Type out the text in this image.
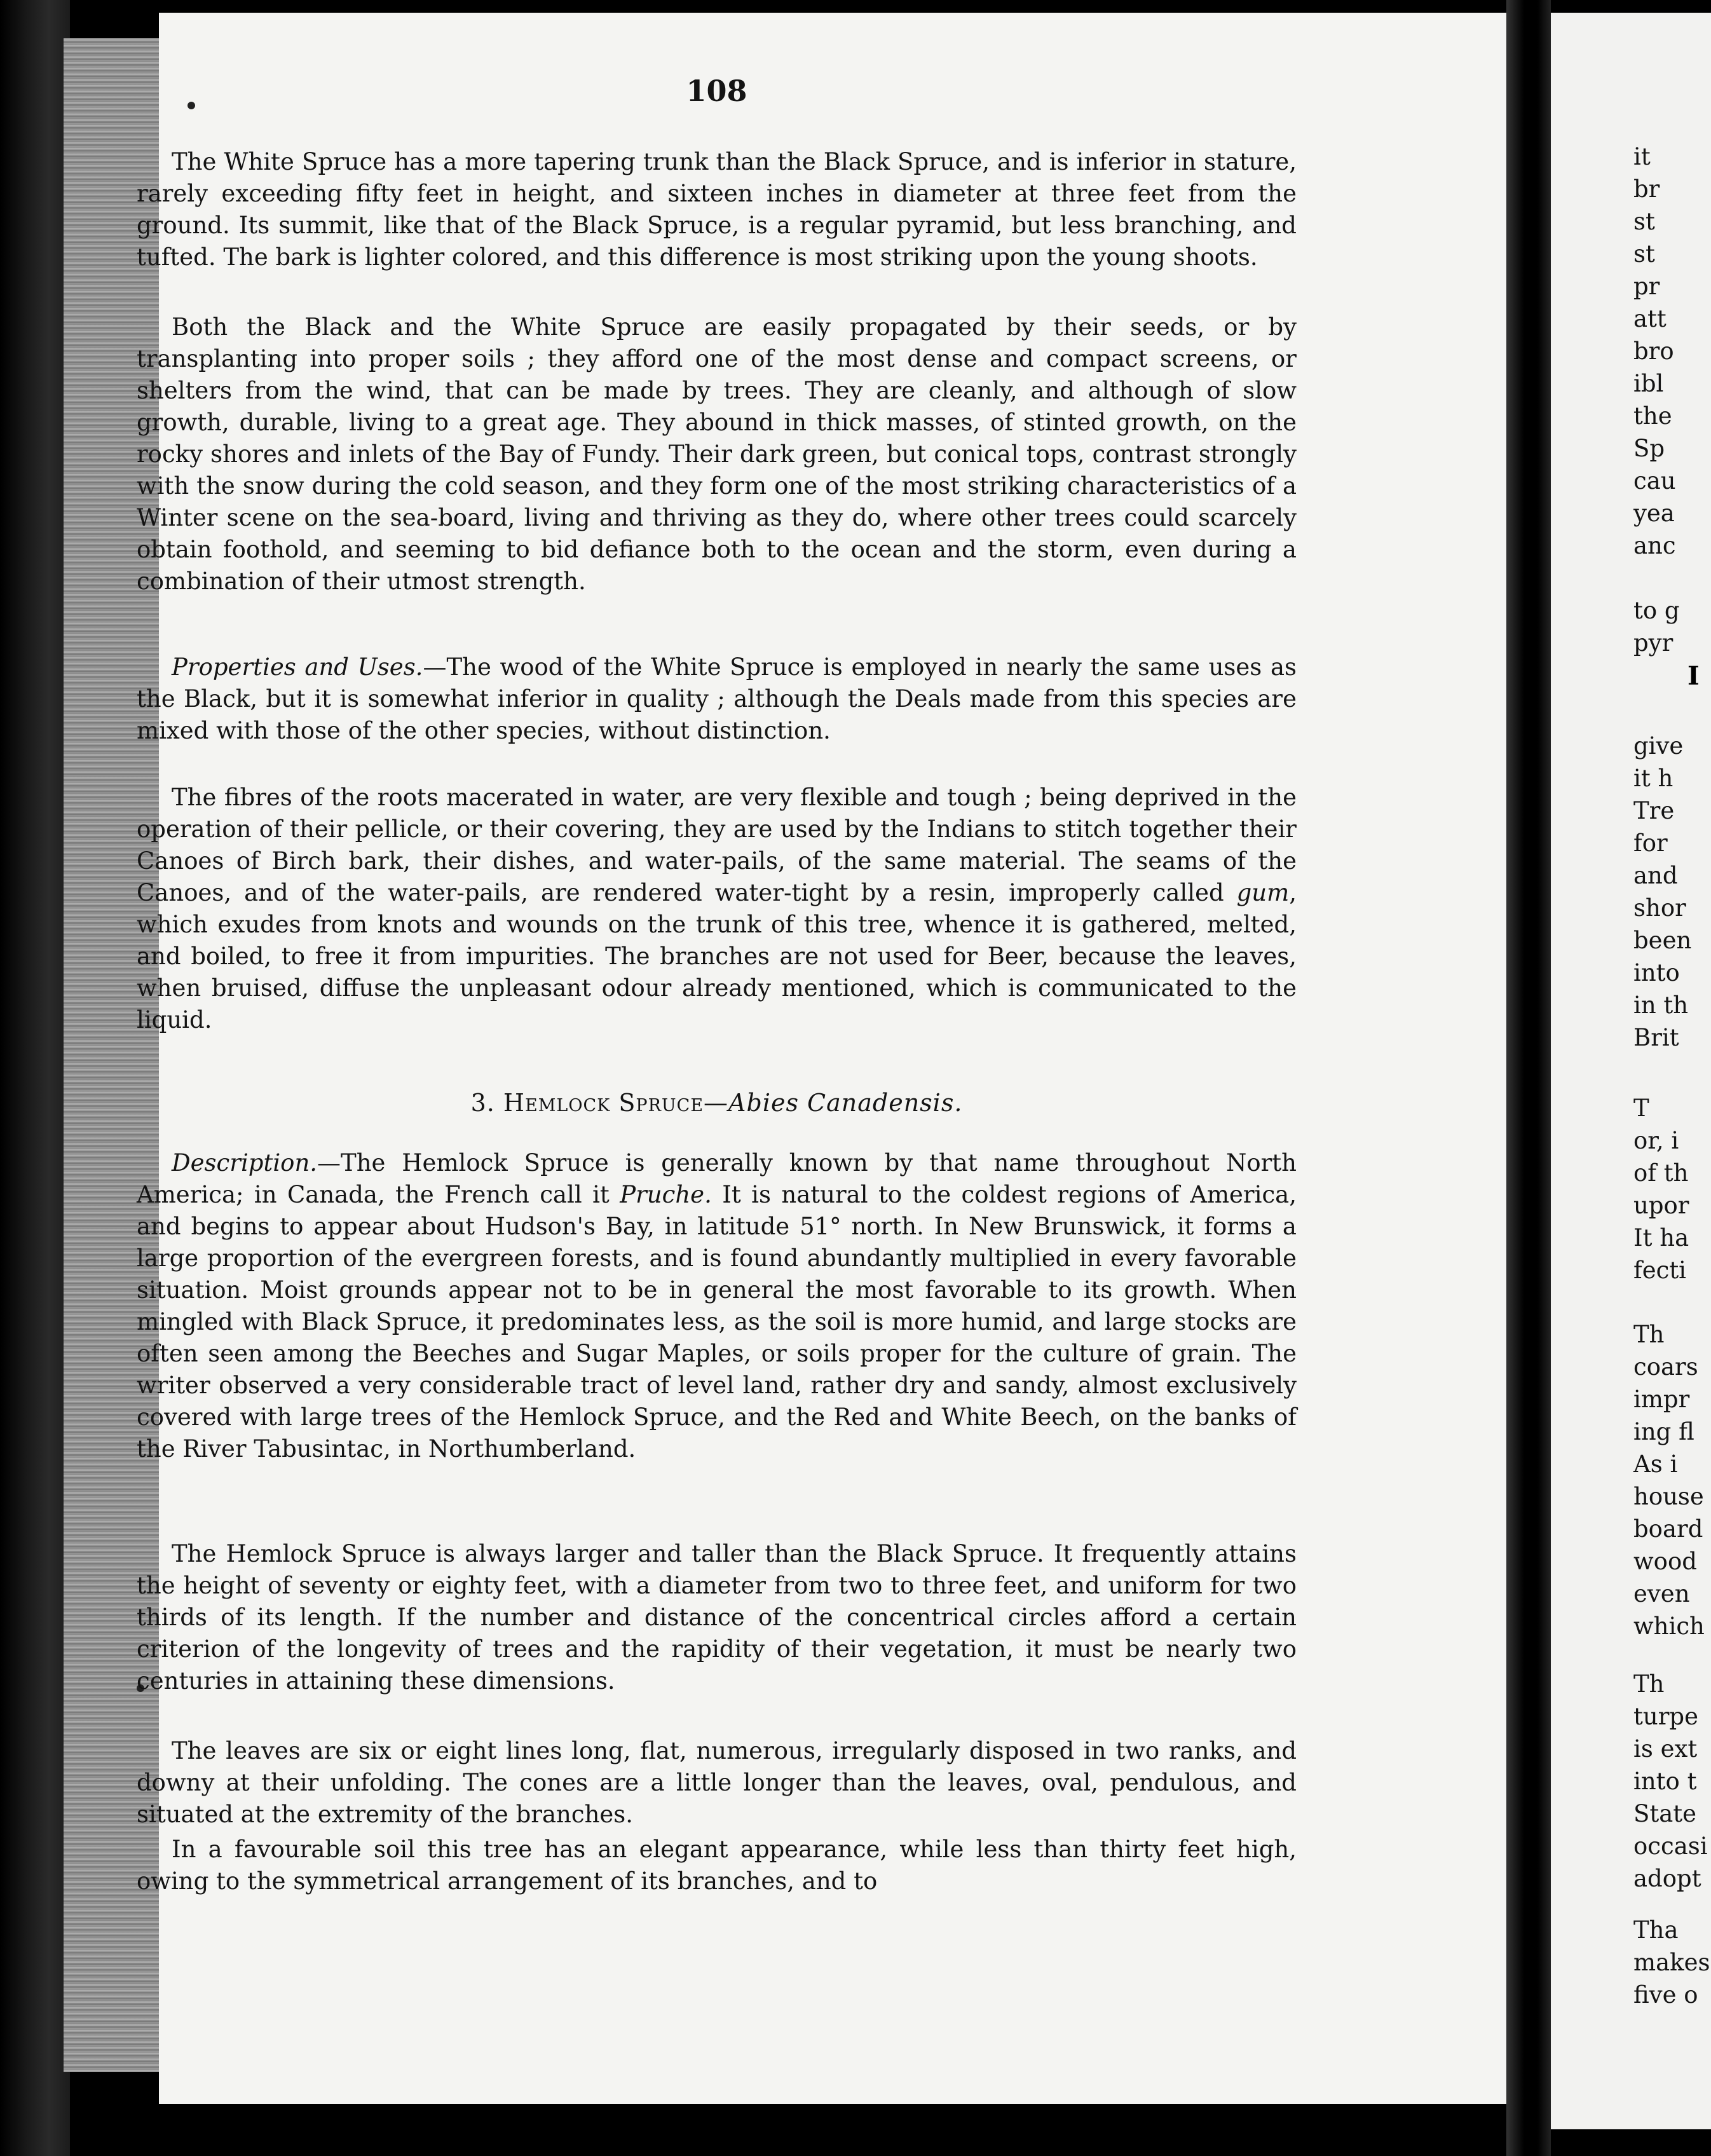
108

The White Spruce has a more tapering trunk than the Black Spruce, and is inferior in stature, rarely exceeding fifty feet in height, and sixteen inches in diameter at three feet from the ground. Its summit, like that of the Black Spruce, is a regular pyramid, but less branching, and tufted. The bark is lighter colored, and this difference is most striking upon the young shoots.

Both the Black and the White Spruce are easily propagated by their seeds, or by transplanting into proper soils ; they afford one of the most dense and compact screens, or shelters from the wind, that can be made by trees. They are cleanly, and although of slow growth, durable, living to a great age. They abound in thick masses, of stinted growth, on the rocky shores and inlets of the Bay of Fundy. Their dark green, but conical tops, contrast strongly with the snow during the cold season, and they form one of the most striking characteristics of a Winter scene on the sea-board, living and thriving as they do, where other trees could scarcely obtain foothold, and seeming to bid defiance both to the ocean and the storm, even during a combination of their utmost strength.

Properties and Uses.—The wood of the White Spruce is employed in nearly the same uses as the Black, but it is somewhat inferior in quality ; although the Deals made from this species are mixed with those of the other species, without distinction.

The fibres of the roots macerated in water, are very flexible and tough ; being deprived in the operation of their pellicle, or their covering, they are used by the Indians to stitch together their Canoes of Birch bark, their dishes, and water-pails, of the same material. The seams of the Canoes, and of the water-pails, are rendered water-tight by a resin, improperly called gum, which exudes from knots and wounds on the trunk of this tree, whence it is gathered, melted, and boiled, to free it from impurities. The branches are not used for Beer, because the leaves, when bruised, diffuse the unpleasant odour already mentioned, which is communicated to the liquid.

3. Hemlock Spruce—Abies Canadensis.

Description.—The Hemlock Spruce is generally known by that name throughout North America; in Canada, the French call it Pruche. It is natural to the coldest regions of America, and begins to appear about Hudson's Bay, in latitude 51° north. In New Brunswick, it forms a large proportion of the evergreen forests, and is found abundantly multiplied in every favorable situation. Moist grounds appear not to be in general the most favorable to its growth. When mingled with Black Spruce, it predominates less, as the soil is more humid, and large stocks are often seen among the Beeches and Sugar Maples, or soils proper for the culture of grain. The writer observed a very considerable tract of level land, rather dry and sandy, almost exclusively covered with large trees of the Hemlock Spruce, and the Red and White Beech, on the banks of the River Tabusintac, in Northumberland.

The Hemlock Spruce is always larger and taller than the Black Spruce. It frequently attains the height of seventy or eighty feet, with a diameter from two to three feet, and uniform for two thirds of its length. If the number and distance of the concentrical circles afford a certain criterion of the longevity of trees and the rapidity of their vegetation, it must be nearly two centuries in attaining these dimensions.

The leaves are six or eight lines long, flat, numerous, irregularly disposed in two ranks, and downy at their unfolding. The cones are a little longer than the leaves, oval, pendulous, and situated at the extremity of the branches.

In a favourable soil this tree has an elegant appearance, while less than thirty feet high, owing to the symmetrical arrangement of its branches, and to

it
br
st
st
pr
att
bro
ibl
the
Sp
cau
yea
anc
to g
pyr
give
it h
Tre
for
and
shor
been
into
in th
Brit
T
or, i
of th
upor
It ha
fecti
Th
coars
impr
ing fl
As i
house
board
wood
even
which
Th
turpe
is ext
into t
State
occasi
adopt
Tha
makes
five o
I
